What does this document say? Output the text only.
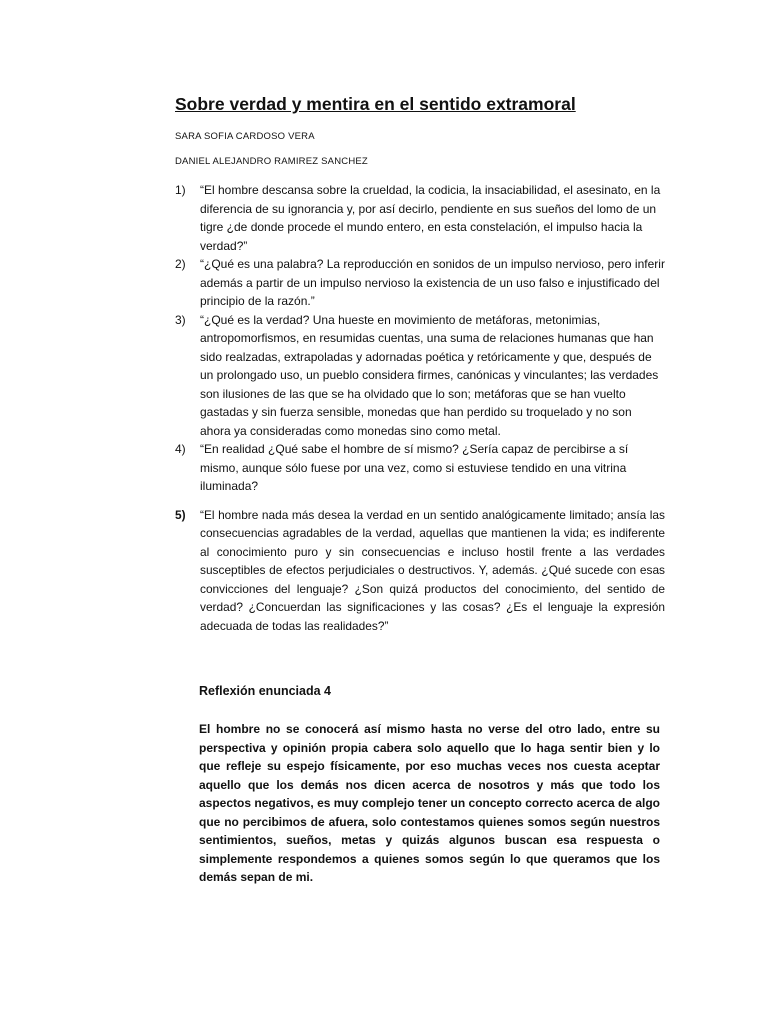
Sobre verdad y mentira en el sentido extramoral
SARA SOFIA CARDOSO VERA
DANIEL ALEJANDRO RAMIREZ SANCHEZ
1) “El hombre descansa sobre la crueldad, la codicia, la insaciabilidad, el asesinato, en la diferencia de su ignorancia y, por así decirlo, pendiente en sus sueños del lomo de un tigre ¿de donde procede el mundo entero, en esta constelación, el impulso hacia la verdad?”
2) “¿Qué es una palabra? La reproducción en sonidos de un impulso nervioso, pero inferir además a partir de un impulso nervioso la existencia de un uso falso e injustificado del principio de la razón.”
3) “¿Qué es la verdad? Una hueste en movimiento de metáforas, metonimias, antropomorfismos, en resumidas cuentas, una suma de relaciones humanas que han sido realzadas, extrapoladas y adornadas poética y retóricamente y que, después de un prolongado uso, un pueblo considera firmes, canónicas y vinculantes; las verdades son ilusiones de las que se ha olvidado que lo son; metáforas que se han vuelto gastadas y sin fuerza sensible, monedas que han perdido su troquelado y no son ahora ya consideradas como monedas sino como metal.
4) “En realidad ¿Qué sabe el hombre de sí mismo? ¿Sería capaz de percibirse a sí mismo, aunque sólo fuese por una vez, como si estuviese tendido en una vitrina iluminada?
5) “El hombre nada más desea la verdad en un sentido analógicamente limitado; ansía las consecuencias agradables de la verdad, aquellas que mantienen la vida; es indiferente al conocimiento puro y sin consecuencias e incluso hostil frente a las verdades susceptibles de efectos perjudiciales o destructivos. Y, además. ¿Qué sucede con esas convicciones del lenguaje? ¿Son quizá productos del conocimiento, del sentido de verdad? ¿Concuerdan las significaciones y las cosas? ¿Es el lenguaje la expresión adecuada de todas las realidades?”
Reflexión enunciada 4

El hombre no se conocerá así mismo hasta no verse del otro lado, entre su perspectiva y opinión propia cabera solo aquello que lo haga sentir bien y lo que refleje su espejo físicamente, por eso muchas veces nos cuesta aceptar aquello que los demás nos dicen acerca de nosotros y más que todo los aspectos negativos, es muy complejo tener un concepto correcto acerca de algo que no percibimos de afuera, solo contestamos quienes somos según nuestros sentimientos, sueños, metas y quizás algunos buscan esa respuesta o simplemente respondemos a quienes somos según lo que queramos que los demás sepan de mi.
